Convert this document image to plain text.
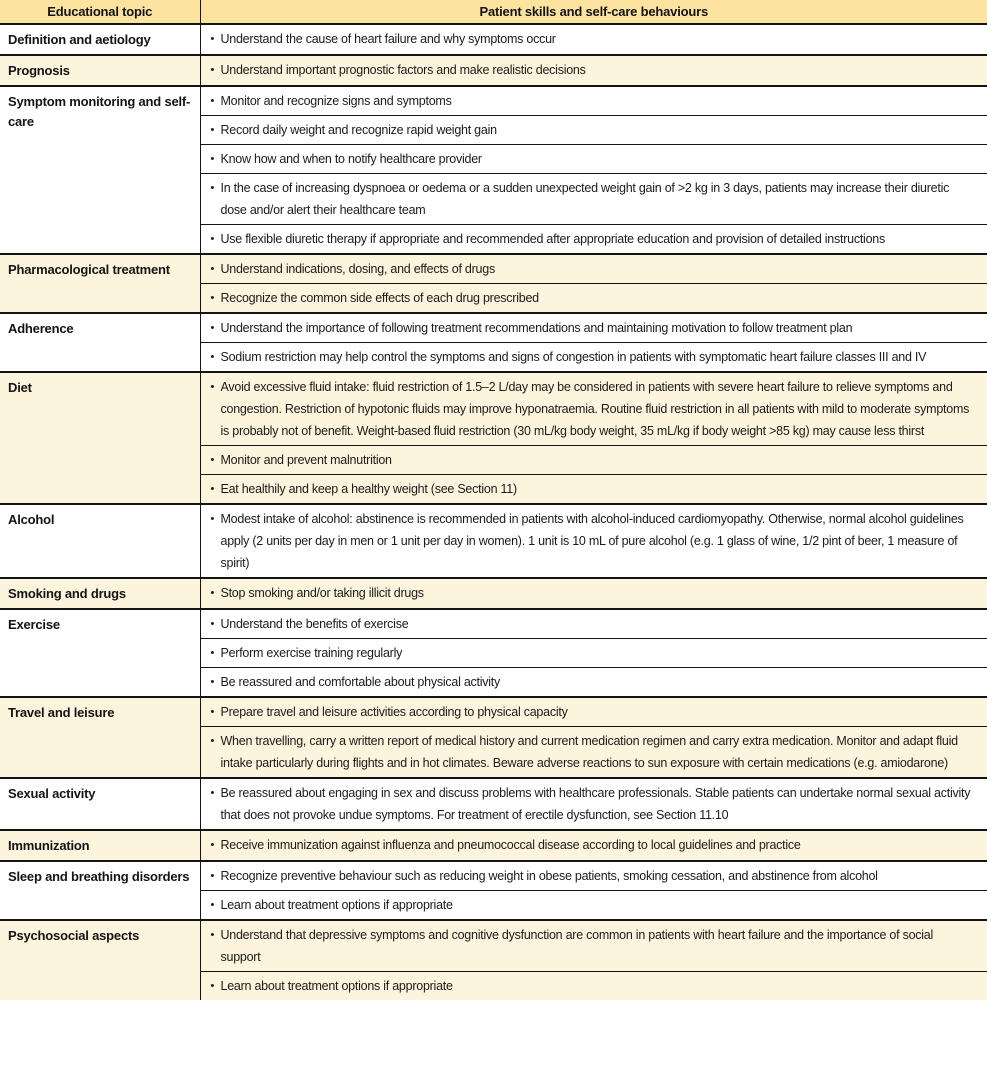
Educational topic	Patient skills and self-care behaviours
Definition and aetiology	• Understand the cause of heart failure and why symptoms occur

Prognosis	• Understand important prognostic factors and make realistic decisions

Symptom monitoring and self-care	• Monitor and recognize signs and symptoms

	• Record daily weight and recognize rapid weight gain

	• Know how and when to notify healthcare provider

	• In the case of increasing dyspnoea or oedema or a sudden unexpected weight gain of >2 kg in 3 days, patients may increase their diuretic dose and/or alert their healthcare team

	• Use flexible diuretic therapy if appropriate and recommended after appropriate education and provision of detailed instructions

Pharmacological treatment	• Understand indications, dosing, and effects of drugs

	• Recognize the common side effects of each drug prescribed

Adherence	• Understand the importance of following treatment recommendations and maintaining motivation to follow treatment plan

	• Sodium restriction may help control the symptoms and signs of congestion in patients with symptomatic heart failure classes III and IV

Diet	• Avoid excessive fluid intake: fluid restriction of 1.5–2 L/day may be considered in patients with severe heart failure to relieve symptoms and congestion. Restriction of hypotonic fluids may improve hyponatraemia. Routine fluid restriction in all patients with mild to moderate symptoms is probably not of benefit. Weight-based fluid restriction (30 mL/kg body weight, 35 mL/kg if body weight >85 kg) may cause less thirst

	• Monitor and prevent malnutrition

	• Eat healthily and keep a healthy weight (see Section 11)

Alcohol	• Modest intake of alcohol: abstinence is recommended in patients with alcohol-induced cardiomyopathy. Otherwise, normal alcohol guidelines apply (2 units per day in men or 1 unit per day in women). 1 unit is 10 mL of pure alcohol (e.g. 1 glass of wine, 1/2 pint of beer, 1 measure of spirit)

Smoking and drugs	• Stop smoking and/or taking illicit drugs

Exercise	• Understand the benefits of exercise

	• Perform exercise training regularly

	• Be reassured and comfortable about physical activity

Travel and leisure	• Prepare travel and leisure activities according to physical capacity

	• When travelling, carry a written report of medical history and current medication regimen and carry extra medication. Monitor and adapt fluid intake particularly during flights and in hot climates. Beware adverse reactions to sun exposure with certain medications (e.g. amiodarone)

Sexual activity	• Be reassured about engaging in sex and discuss problems with healthcare professionals. Stable patients can undertake normal sexual activity that does not provoke undue symptoms. For treatment of erectile dysfunction, see Section 11.10

Immunization	• Receive immunization against influenza and pneumococcal disease according to local guidelines and practice

Sleep and breathing disorders	• Recognize preventive behaviour such as reducing weight in obese patients, smoking cessation, and abstinence from alcohol

	• Learn about treatment options if appropriate

Psychosocial aspects	• Understand that depressive symptoms and cognitive dysfunction are common in patients with heart failure and the importance of social support

	• Learn about treatment options if appropriate
